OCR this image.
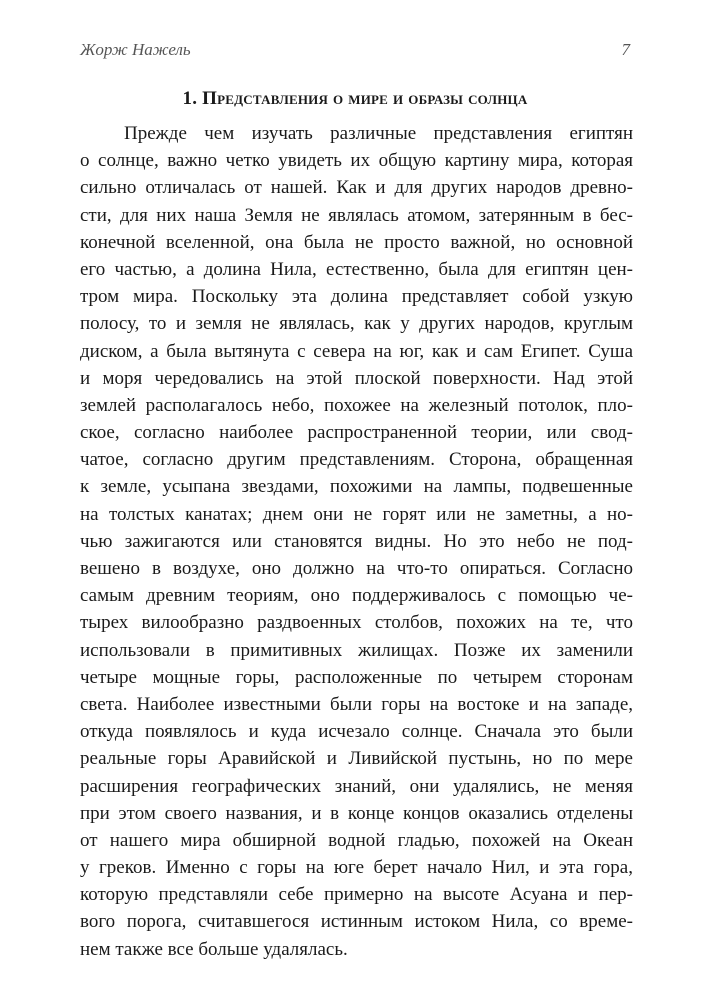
Жорж Нажель	7
1. Представления о мире и образы солнца
Прежде чем изучать различные представления египтян
о солнце, важно четко увидеть их общую картину мира, которая
сильно отличалась от нашей. Как и для других народов древно-
сти, для них наша Земля не являлась атомом, затерянным в бес-
конечной вселенной, она была не просто важной, но основной
его частью, а долина Нила, естественно, была для египтян цен-
тром мира. Поскольку эта долина представляет собой узкую
полосу, то и земля не являлась, как у других народов, круглым
диском, а была вытянута с севера на юг, как и сам Египет. Суша
и моря чередовались на этой плоской поверхности. Над этой
землей располагалось небо, похожее на железный потолок, пло-
ское, согласно наиболее распространенной теории, или свод-
чатое, согласно другим представлениям. Сторона, обращенная
к земле, усыпана звездами, похожими на лампы, подвешенные
на толстых канатах; днем они не горят или не заметны, а но-
чью зажигаются или становятся видны. Но это небо не под-
вешено в воздухе, оно должно на что-то опираться. Согласно
самым древним теориям, оно поддерживалось с помощью че-
тырех вилообразно раздвоенных столбов, похожих на те, что
использовали в примитивных жилищах. Позже их заменили
четыре мощные горы, расположенные по четырем сторонам
света. Наиболее известными были горы на востоке и на западе,
откуда появлялось и куда исчезало солнце. Сначала это были
реальные горы Аравийской и Ливийской пустынь, но по мере
расширения географических знаний, они удалялись, не меняя
при этом своего названия, и в конце концов оказались отделены
от нашего мира обширной водной гладью, похожей на Океан
у греков. Именно с горы на юге берет начало Нил, и эта гора,
которую представляли себе примерно на высоте Асуана и пер-
вого порога, считавшегося истинным истоком Нила, со време-
нем также все больше удалялась.
